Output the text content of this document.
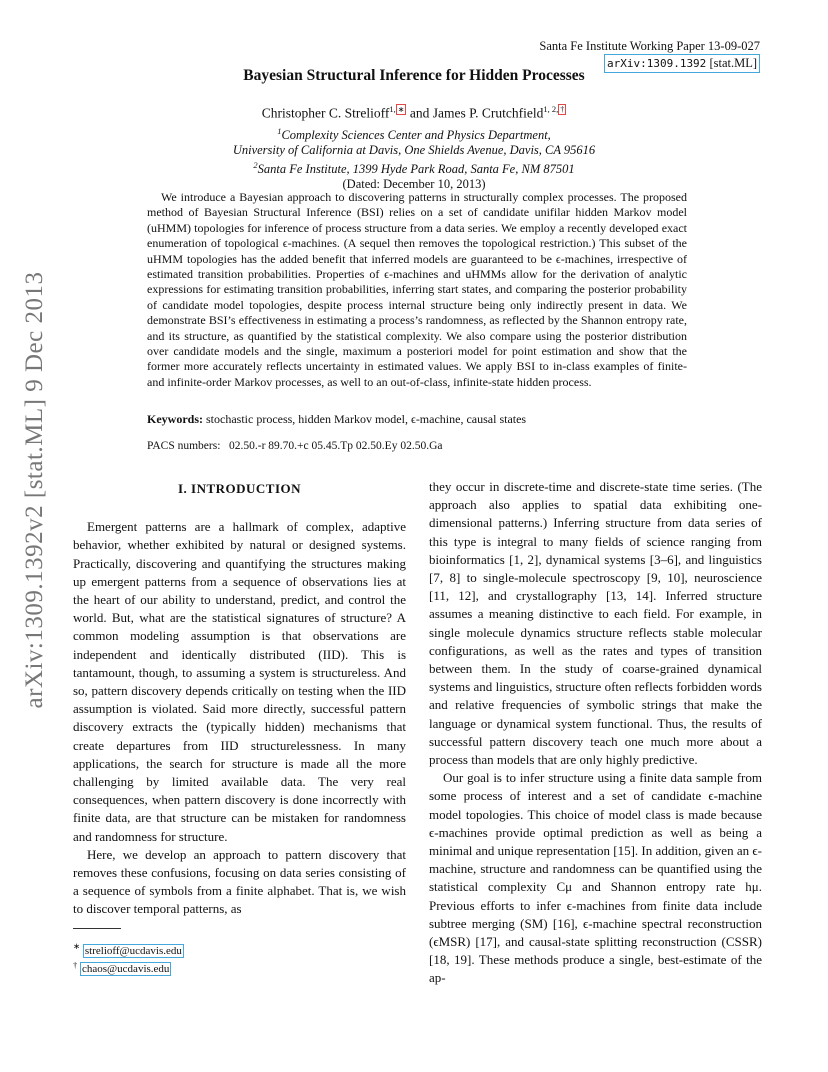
arXiv:1309.1392v2 [stat.ML] 9 Dec 2013
Santa Fe Institute Working Paper 13-09-027
arXiv:1309.1392 [stat.ML]
Bayesian Structural Inference for Hidden Processes
Christopher C. Strelioff$^{1,}$ ∗ and James P. Crutchfield$^{1, 2,}$ †
$^1$Complexity Sciences Center and Physics Department,
University of California at Davis, One Shields Avenue, Davis, CA 95616
$^2$Santa Fe Institute, 1399 Hyde Park Road, Santa Fe, NM 87501
(Dated: December 10, 2013)

We introduce a Bayesian approach to discovering patterns in structurally complex processes. The proposed method of Bayesian Structural Inference (BSI) relies on a set of candidate unifilar hidden Markov model (uHMM) topologies for inference of process structure from a data series. We employ a recently developed exact enumeration of topological ϵ-machines. (A sequel then removes the topological restriction.) This subset of the uHMM topologies has the added benefit that inferred models are guaranteed to be ϵ-machines, irrespective of estimated transition probabilities. Properties of ϵ-machines and uHMMs allow for the derivation of analytic expressions for estimating transition probabilities, inferring start states, and comparing the posterior probability of candidate model topologies, despite process internal structure being only indirectly present in data. We demonstrate BSI’s effectiveness in estimating a process’s randomness, as reflected by the Shannon entropy rate, and its structure, as quantified by the statistical complexity. We also compare using the posterior distribution over candidate models and the single, maximum a posteriori model for point estimation and show that the former more accurately reflects uncertainty in estimated values. We apply BSI to in-class examples of finite- and infinite-order Markov processes, as well to an out-of-class, infinite-state hidden process.

Keywords: stochastic process, hidden Markov model, ϵ-machine, causal states
PACS numbers: 02.50.-r 89.70.+c 05.45.Tp 02.50.Ey 02.50.Ga
I. INTRODUCTION

Emergent patterns are a hallmark of complex, adaptive behavior, whether exhibited by natural or designed systems. Practically, discovering and quantifying the structures making up emergent patterns from a sequence of observations lies at the heart of our ability to understand, predict, and control the world. But, what are the statistical signatures of structure? A common modeling assumption is that observations are independent and identically distributed (IID). This is tantamount, though, to assuming a system is structureless. And so, pattern discovery depends critically on testing when the IID assumption is violated. Said more directly, successful pattern discovery extracts the (typically hidden) mechanisms that create departures from IID structurelessness. In many applications, the search for structure is made all the more challenging by limited available data. The very real consequences, when pattern discovery is done incorrectly with finite data, are that structure can be mistaken for randomness and randomness for structure.

Here, we develop an approach to pattern discovery that removes these confusions, focusing on data series consisting of a sequence of symbols from a finite alphabet. That is, we wish to discover temporal patterns, as

they occur in discrete-time and discrete-state time series. (The approach also applies to spatial data exhibiting one-dimensional patterns.) Inferring structure from data series of this type is integral to many fields of science ranging from bioinformatics [1, 2], dynamical systems [3–6], and linguistics [7, 8] to single-molecule spectroscopy [9, 10], neuroscience [11, 12], and crystallography [13, 14]. Inferred structure assumes a meaning distinctive to each field. For example, in single molecule dynamics structure reflects stable molecular configurations, as well as the rates and types of transition between them. In the study of coarse-grained dynamical systems and linguistics, structure often reflects forbidden words and relative frequencies of symbolic strings that make the language or dynamical system functional. Thus, the results of successful pattern discovery teach one much more about a process than models that are only highly predictive.

Our goal is to infer structure using a finite data sample from some process of interest and a set of candidate ϵ-machine model topologies. This choice of model class is made because ϵ-machines provide optimal prediction as well as being a minimal and unique representation [15]. In addition, given an ϵ-machine, structure and randomness can be quantified using the statistical complexity Cμ and Shannon entropy rate hμ. Previous efforts to infer ϵ-machines from finite data include subtree merging (SM) [16], ϵ-machine spectral reconstruction (ϵMSR) [17], and causal-state splitting reconstruction (CSSR) [18, 19]. These methods produce a single, best-estimate of the ap-

∗ strelioff@ucdavis.edu
† chaos@ucdavis.edu
